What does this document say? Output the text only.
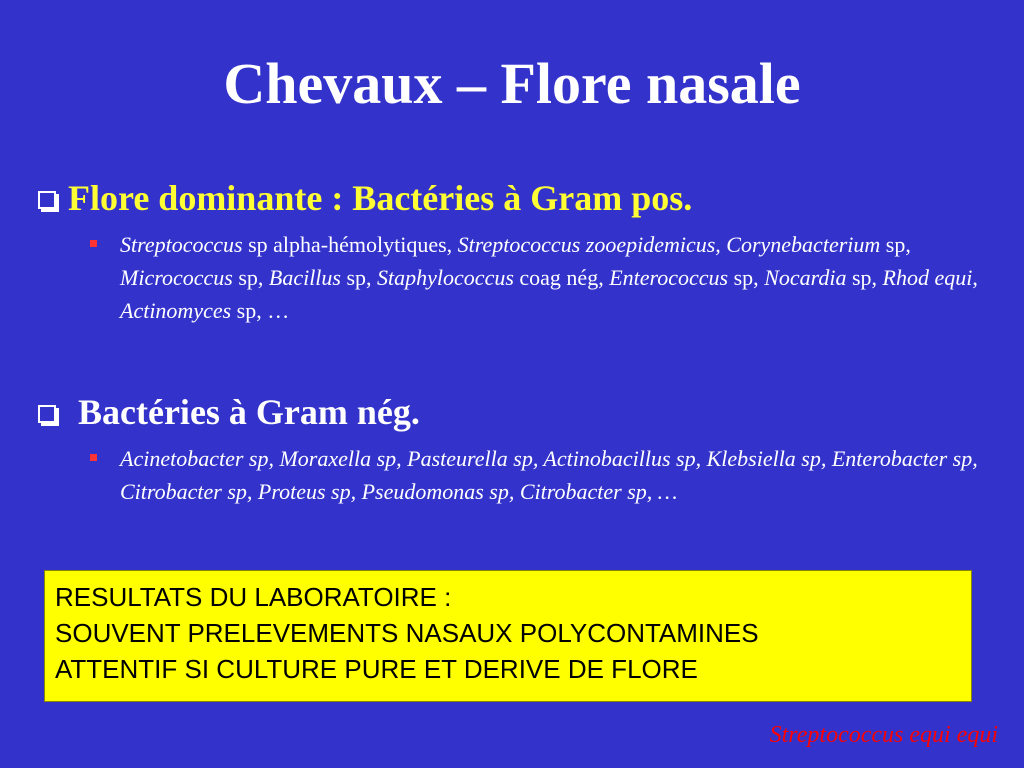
Chevaux – Flore nasale
Flore dominante : Bactéries à Gram pos.
Streptococcus sp alpha-hémolytiques, Streptococcus zooepidemicus, Corynebacterium sp, Micrococcus sp, Bacillus sp, Staphylococcus coag nég, Enterococcus sp, Nocardia sp, Rhod equi, Actinomyces sp, …
Bactéries à Gram nég.
Acinetobacter sp, Moraxella sp, Pasteurella sp, Actinobacillus sp, Klebsiella sp, Enterobacter sp, Citrobacter sp, Proteus sp, Pseudomonas sp, Citrobacter sp, …
RESULTATS DU LABORATOIRE :
SOUVENT PRELEVEMENTS NASAUX POLYCONTAMINES
ATTENTIF SI CULTURE PURE ET DERIVE DE FLORE
Streptococcus equi equi
